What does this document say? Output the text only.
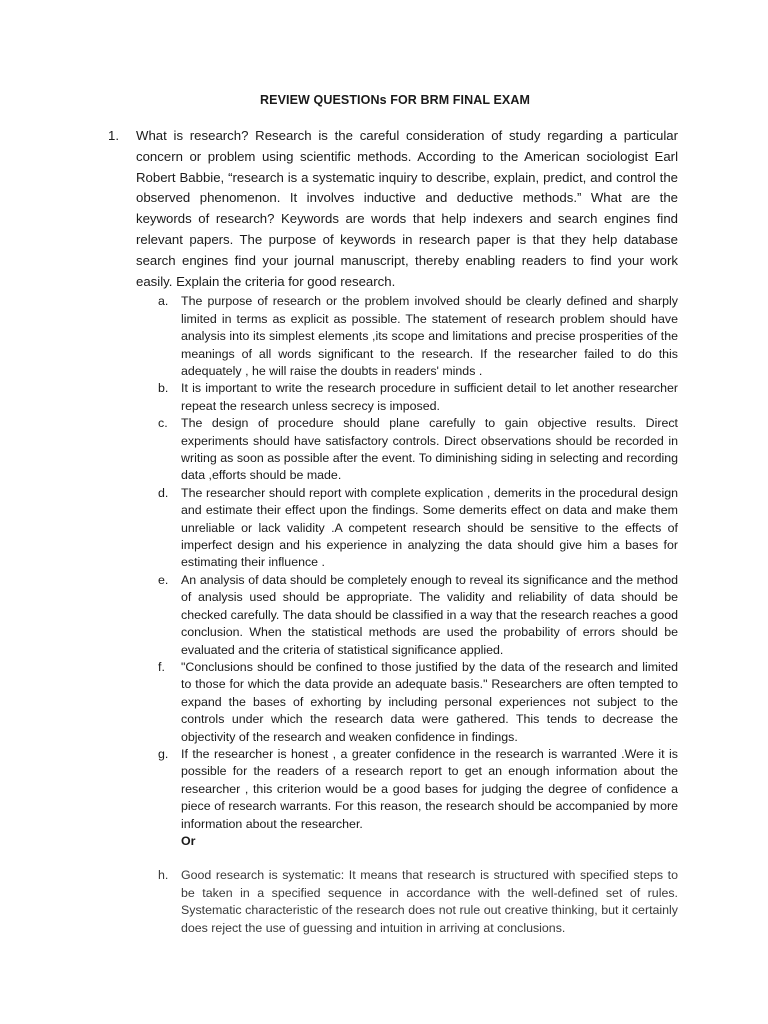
REVIEW QUESTIONs FOR BRM FINAL EXAM
1. What is research? Research is the careful consideration of study regarding a particular concern or problem using scientific methods. According to the American sociologist Earl Robert Babbie, “research is a systematic inquiry to describe, explain, predict, and control the observed phenomenon. It involves inductive and deductive methods.” What are the keywords of research? Keywords are words that help indexers and search engines find relevant papers. The purpose of keywords in research paper is that they help database search engines find your journal manuscript, thereby enabling readers to find your work easily. Explain the criteria for good research.
a. The purpose of research or the problem involved should be clearly defined and sharply limited in terms as explicit as possible. The statement of research problem should have analysis into its simplest elements ,its scope and limitations and precise prosperities of the meanings of all words significant to the research. If the researcher failed to do this adequately , he will raise the doubts in readers' minds .
b. It is important to write the research procedure in sufficient detail to let another researcher repeat the research unless secrecy is imposed.
c. The design of procedure should plane carefully to gain objective results. Direct experiments should have satisfactory controls. Direct observations should be recorded in writing as soon as possible after the event. To diminishing siding in selecting and recording data ,efforts should be made.
d. The researcher should report with complete explication , demerits in the procedural design and estimate their effect upon the findings. Some demerits effect on data and make them unreliable or lack validity .A competent research should be sensitive to the effects of imperfect design and his experience in analyzing the data should give him a bases for estimating their influence .
e. An analysis of data should be completely enough to reveal its significance and the method of analysis used should be appropriate. The validity and reliability of data should be checked carefully. The data should be classified in a way that the research reaches a good conclusion. When the statistical methods are used the probability of errors should be evaluated and the criteria of statistical significance applied.
f. "Conclusions should be confined to those justified by the data of the research and limited to those for which the data provide an adequate basis." Researchers are often tempted to expand the bases of exhorting by including personal experiences not subject to the controls under which the research data were gathered. This tends to decrease the objectivity of the research and weaken confidence in findings.
g. If the researcher is honest , a greater confidence in the research is warranted .Were it is possible for the readers of a research report to get an enough information about the researcher , this criterion would be a good bases for judging the degree of confidence a piece of research warrants. For this reason, the research should be accompanied by more information about the researcher.
Or
h. Good research is systematic: It means that research is structured with specified steps to be taken in a specified sequence in accordance with the well-defined set of rules. Systematic characteristic of the research does not rule out creative thinking, but it certainly does reject the use of guessing and intuition in arriving at conclusions.
